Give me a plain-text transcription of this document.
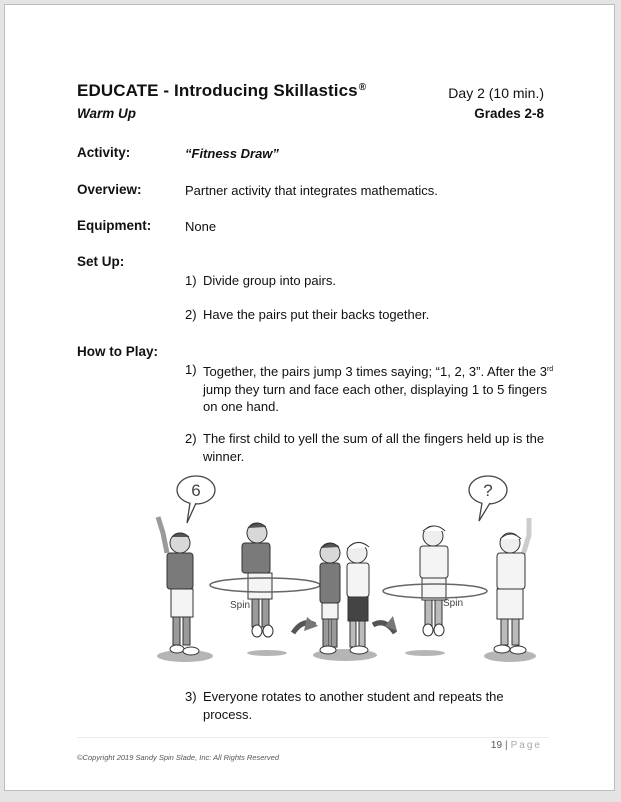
EDUCATE - Introducing Skillastics®
Warm Up
Day 2 (10 min.)
Grades 2-8
Activity:	“Fitness Draw”
Overview:	Partner activity that integrates mathematics.
Equipment:	None
Set Up:
1) Divide group into pairs.
2) Have the pairs put their backs together.
How to Play:
1) Together, the pairs jump 3 times saying; “1, 2, 3”. After the 3rd jump they turn and face each other, displaying 1 to 5 fingers on one hand.
2) The first child to yell the sum of all the fingers held up is the winner.
6	?
Spin	Spin
3) Everyone rotates to another student and repeats the process.
19 | Page
©Copyright 2019 Sandy Spin Slade, Inc: All Rights Reserved
